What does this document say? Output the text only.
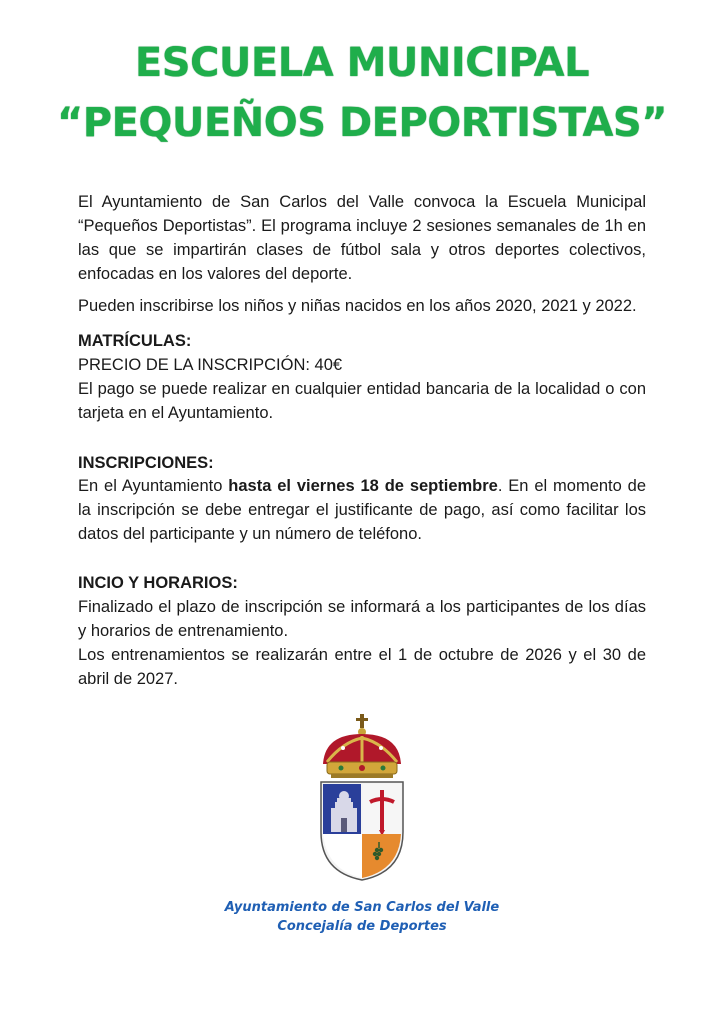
ESCUELA MUNICIPAL
“PEQUEÑOS DEPORTISTAS”
El Ayuntamiento de San Carlos del Valle convoca la Escuela Municipal “Pequeños Deportistas”. El programa incluye 2 sesiones semanales de 1h en las que se impartirán clases de fútbol sala y otros deportes colectivos, enfocadas en los valores del deporte.
Pueden inscribirse los niños y niñas nacidos en los años 2020, 2021 y 2022.
MATRÍCULAS:
PRECIO DE LA INSCRIPCIÓN: 40€
El pago se puede realizar en cualquier entidad bancaria de la localidad o con tarjeta en el Ayuntamiento.
INSCRIPCIONES:
En el Ayuntamiento hasta el viernes 18 de septiembre. En el momento de la inscripción se debe entregar el justificante de pago, así como facilitar los datos del participante y un número de teléfono.
INCIO Y HORARIOS:
Finalizado el plazo de inscripción se informará a los participantes de los días y horarios de entrenamiento.
Los entrenamientos se realizarán entre el 1 de octubre de 2026 y el 30 de abril de 2027.
Ayuntamiento de San Carlos del Valle
Concejalía de Deportes
